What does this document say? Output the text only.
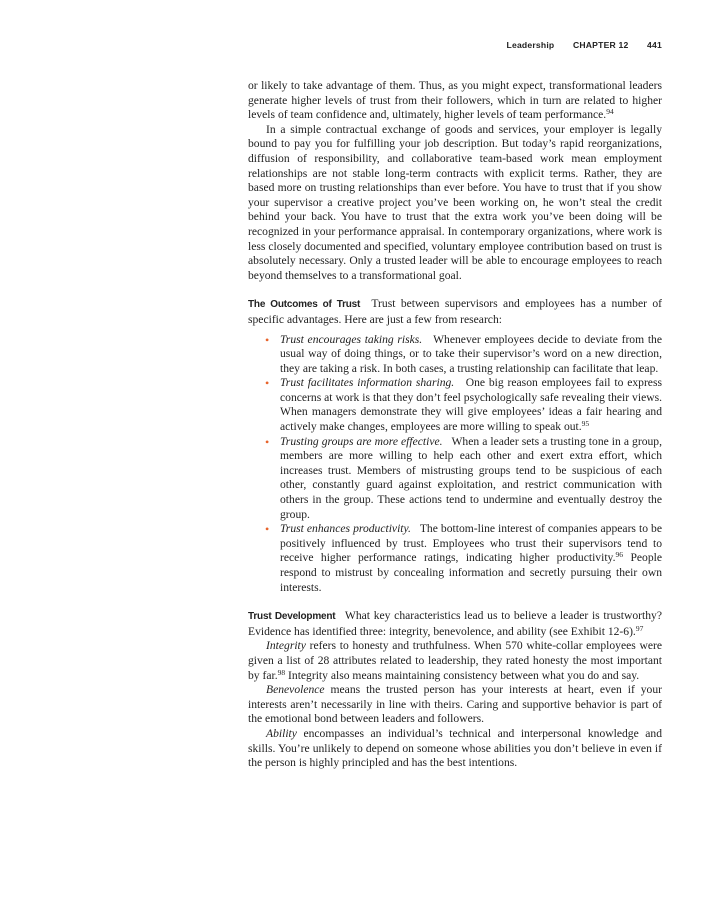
Leadership CHAPTER 12 441

or likely to take advantage of them. Thus, as you might expect, transformational leaders generate higher levels of trust from their followers, which in turn are related to higher levels of team confidence and, ultimately, higher levels of team performance.$^{94}$

In a simple contractual exchange of goods and services, your employer is legally bound to pay you for fulfilling your job description. But today’s rapid reorganizations, diffusion of responsibility, and collaborative team-based work mean employment relationships are not stable long-term contracts with explicit terms. Rather, they are based more on trusting relationships than ever before. You have to trust that if you show your supervisor a creative project you’ve been working on, he won’t steal the credit behind your back. You have to trust that the extra work you’ve been doing will be recognized in your performance appraisal. In contemporary organizations, where work is less closely documented and specified, voluntary employee contribution based on trust is absolutely necessary. Only a trusted leader will be able to encourage employees to reach beyond themselves to a transformational goal.

The Outcomes of Trust Trust between supervisors and employees has a number of specific advantages. Here are just a few from research:

• Trust encourages taking risks. Whenever employees decide to deviate from the usual way of doing things, or to take their supervisor’s word on a new direction, they are taking a risk. In both cases, a trusting relationship can facilitate that leap.
• Trust facilitates information sharing. One big reason employees fail to express concerns at work is that they don’t feel psychologically safe revealing their views. When managers demonstrate they will give employees’ ideas a fair hearing and actively make changes, employees are more willing to speak out.$^{95}$
• Trusting groups are more effective. When a leader sets a trusting tone in a group, members are more willing to help each other and exert extra effort, which increases trust. Members of mistrusting groups tend to be suspicious of each other, constantly guard against exploitation, and restrict communication with others in the group. These actions tend to undermine and eventually destroy the group.
• Trust enhances productivity. The bottom-line interest of companies appears to be positively influenced by trust. Employees who trust their supervisors tend to receive higher performance ratings, indicating higher productivity.$^{96}$ People respond to mistrust by concealing information and secretly pursuing their own interests.

Trust Development What key characteristics lead us to believe a leader is trustworthy? Evidence has identified three: integrity, benevolence, and ability (see Exhibit 12-6).$^{97}$

Integrity refers to honesty and truthfulness. When 570 white-collar employees were given a list of 28 attributes related to leadership, they rated honesty the most important by far.$^{98}$ Integrity also means maintaining consistency between what you do and say.

Benevolence means the trusted person has your interests at heart, even if your interests aren’t necessarily in line with theirs. Caring and supportive behavior is part of the emotional bond between leaders and followers.

Ability encompasses an individual’s technical and interpersonal knowledge and skills. You’re unlikely to depend on someone whose abilities you don’t believe in even if the person is highly principled and has the best intentions.
